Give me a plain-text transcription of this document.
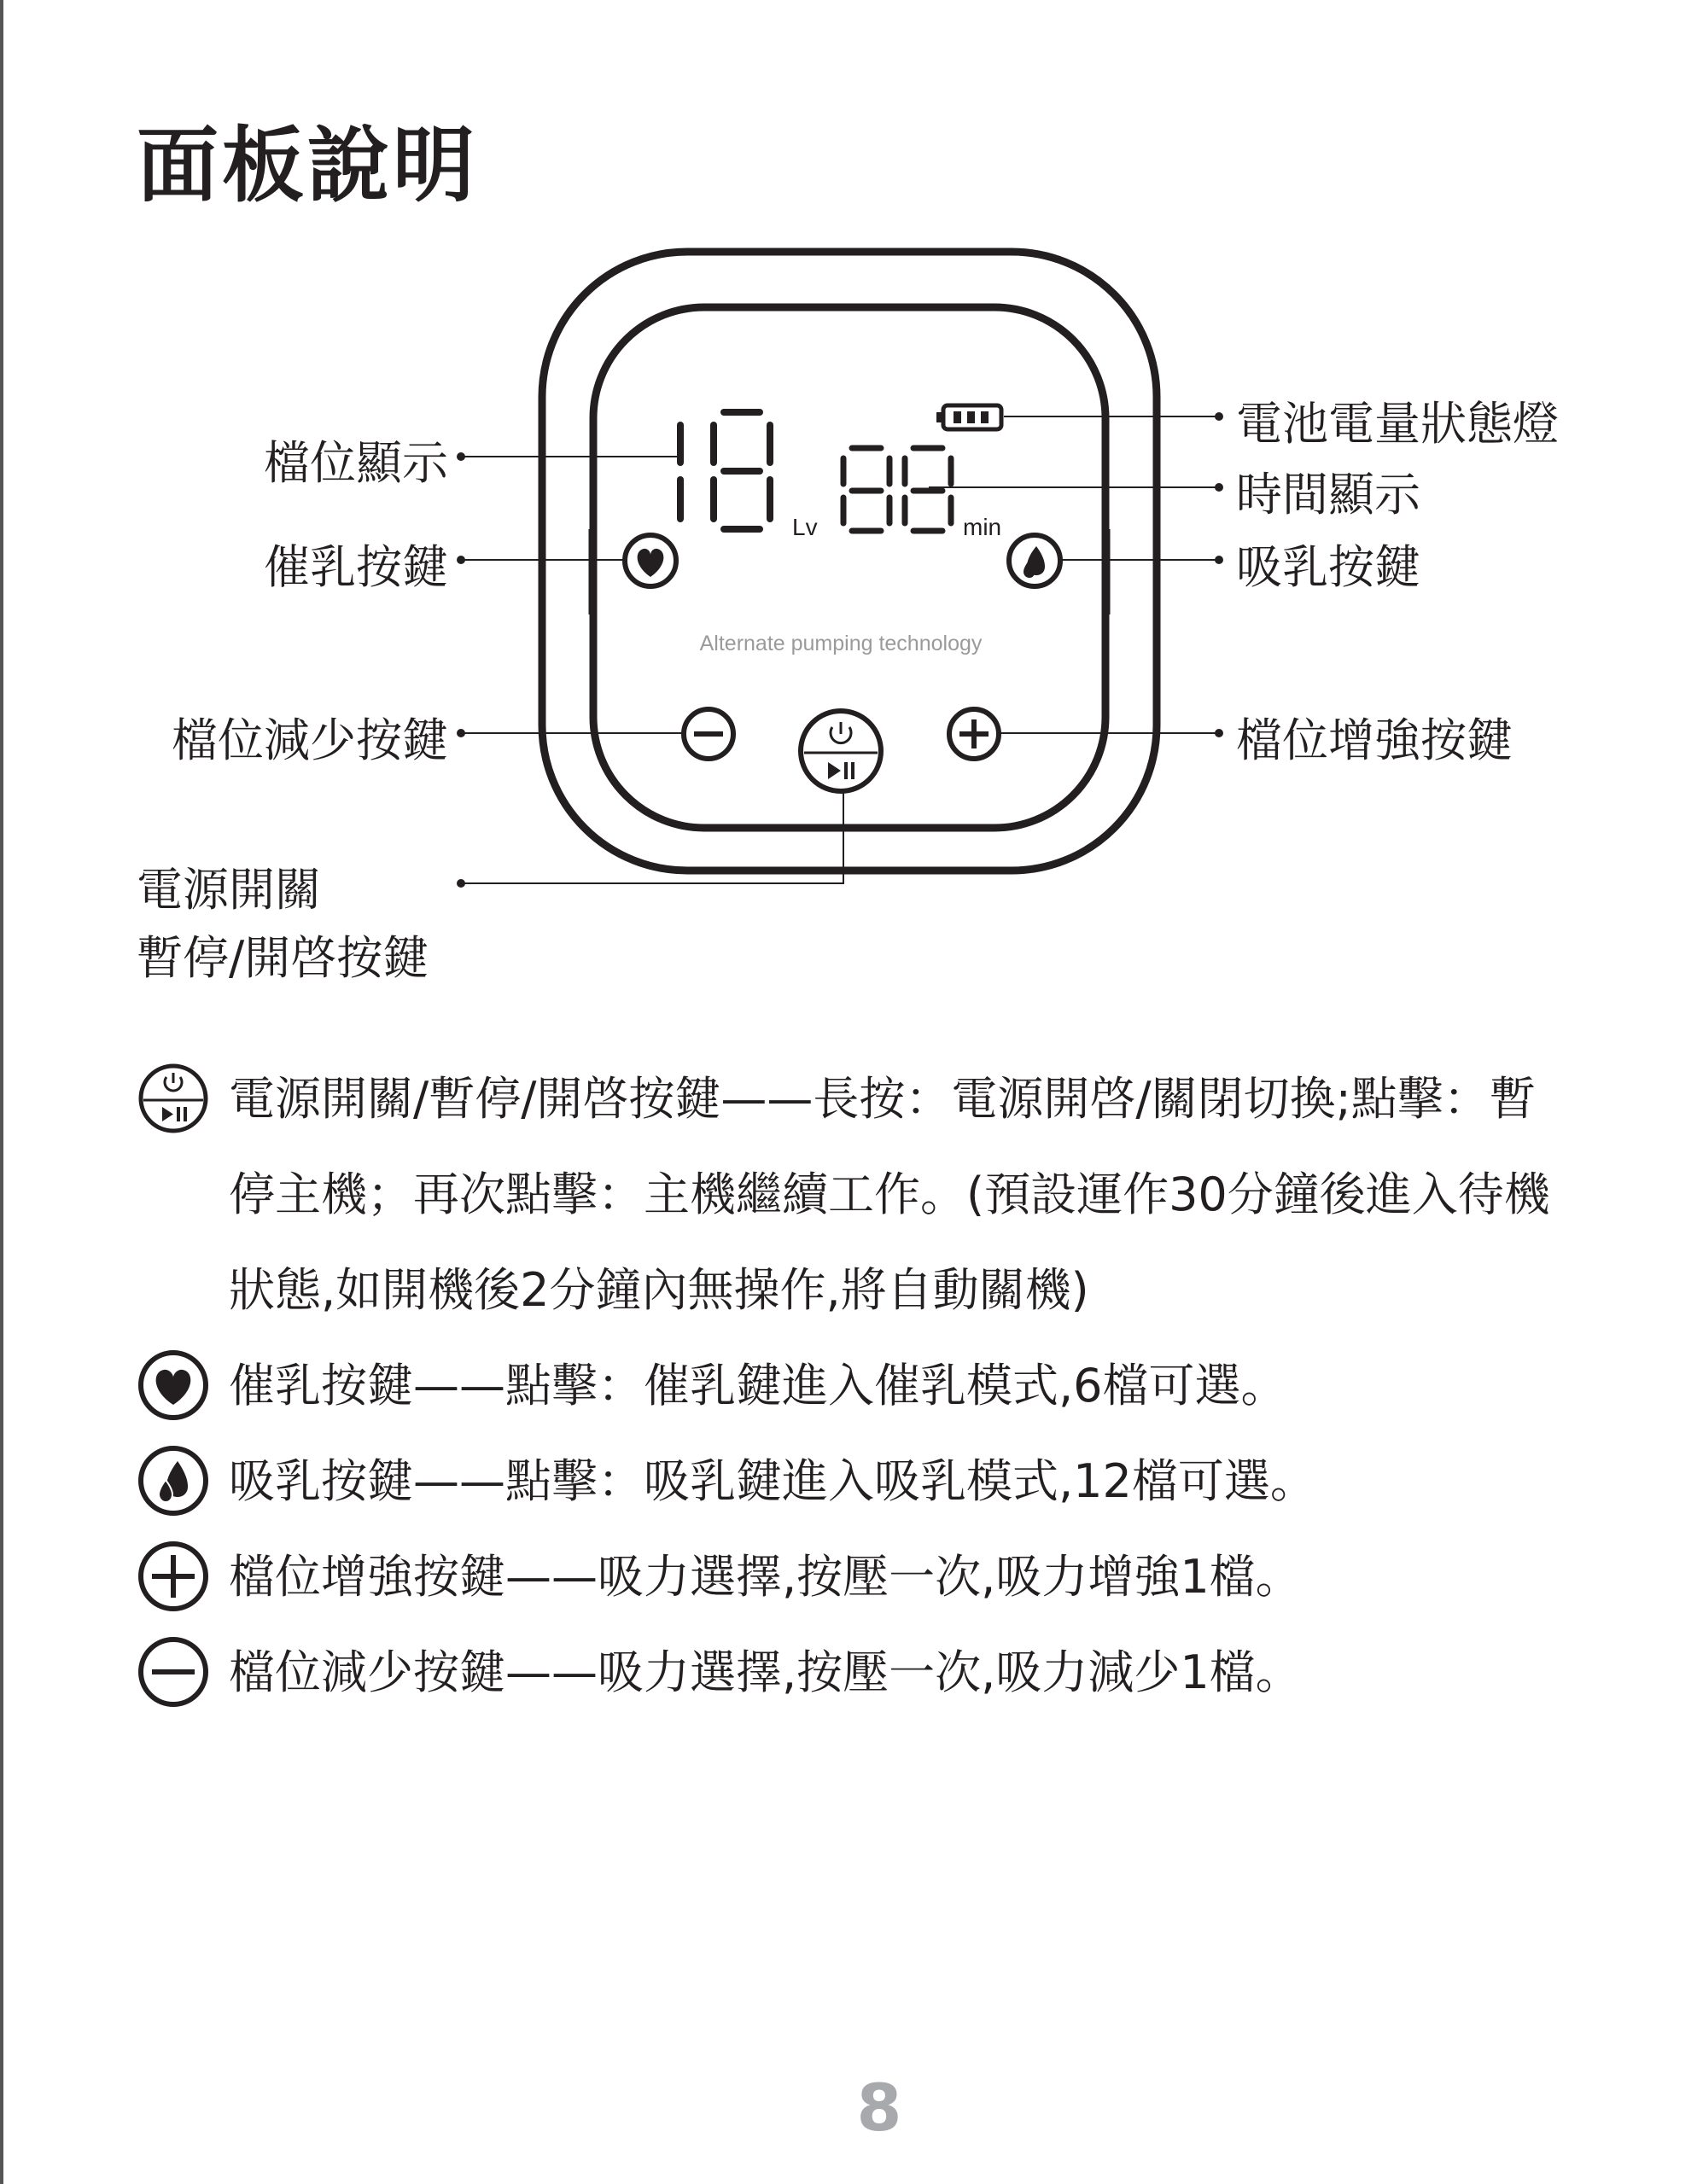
面板說明
Lv	min
Alternate pumping technology
檔位顯示
催乳按鍵
檔位減少按鍵
電源開關
暫停/開啓按鍵
電池電量狀態燈
時間顯示
吸乳按鍵
檔位增強按鍵
電源開關/暫停/開啓按鍵——長按：電源開啓/關閉切換;點擊：暫
停主機；再次點擊：主機繼續工作。(預設運作30分鐘後進入待機
狀態,如開機後2分鐘內無操作,將自動關機)
催乳按鍵——點擊：催乳鍵進入催乳模式,6檔可選。
吸乳按鍵——點擊：吸乳鍵進入吸乳模式,12檔可選。
檔位增強按鍵——吸力選擇,按壓一次,吸力增強1檔。
檔位減少按鍵——吸力選擇,按壓一次,吸力減少1檔。
8
